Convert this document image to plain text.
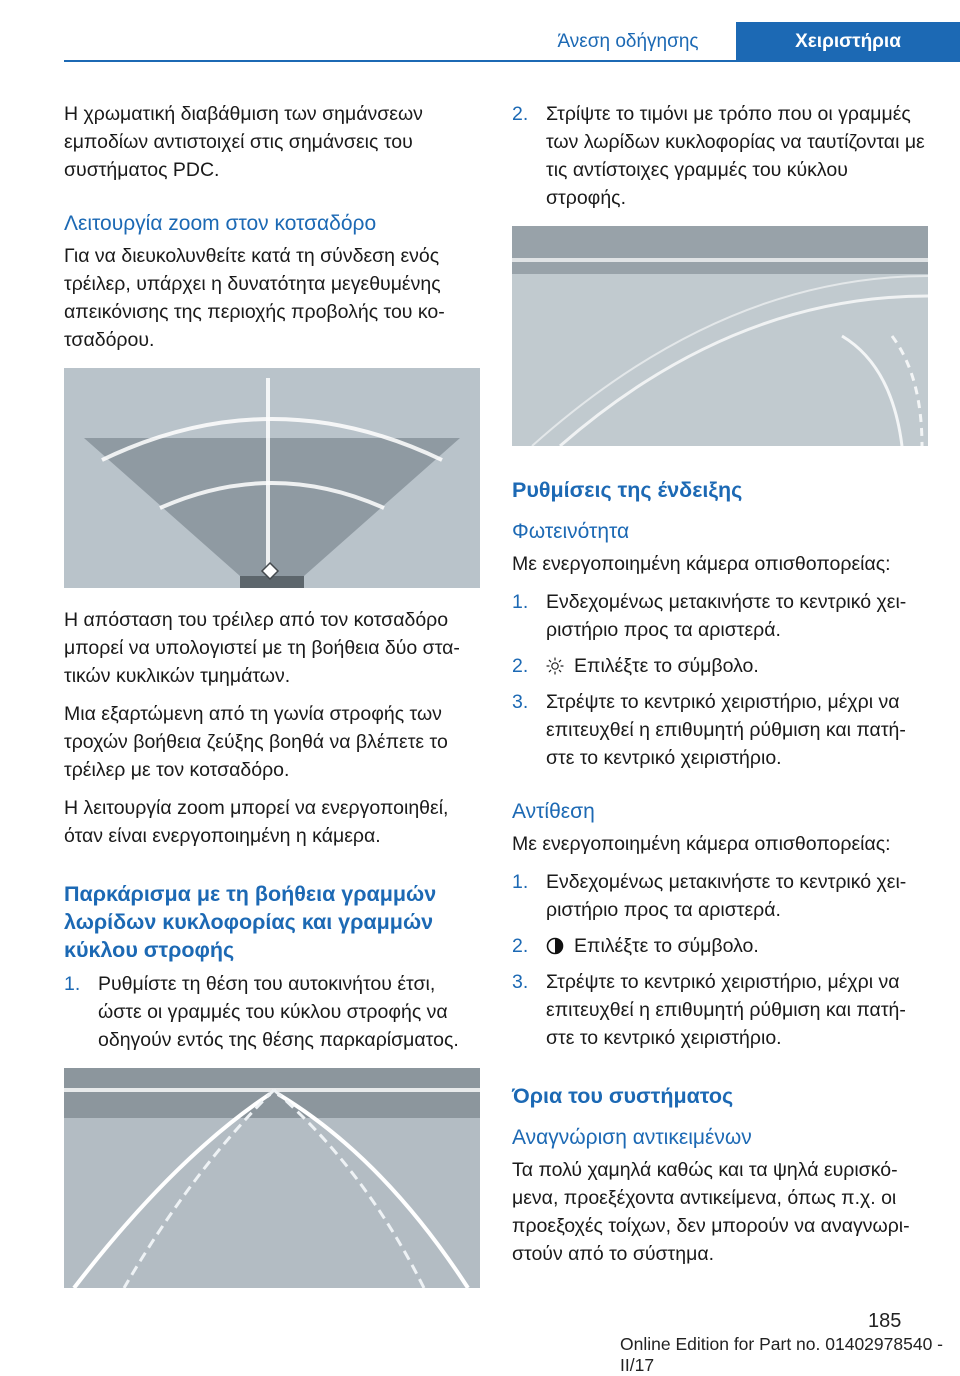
Άνεση οδήγησης	Χειριστήρια

Η χρωματική διαβάθμιση των σημάνσεων εμποδίων αντιστοιχεί στις σημάνσεις του συστήματος PDC.

Λειτουργία zoom στον κοτσαδόρο

Για να διευκολυνθείτε κατά τη σύνδεση ενός τρέιλερ, υπάρχει η δυνατότητα μεγεθυμένης απεικόνισης της περιοχής προβολής του κο‐τσαδόρου.

Η απόσταση του τρέιλερ από τον κοτσαδόρο μπορεί να υπολογιστεί με τη βοήθεια δύο στα‐τικών κυκλικών τμημάτων.

Μια εξαρτώμενη από τη γωνία στροφής των τροχών βοήθεια ζεύξης βοηθά να βλέπετε το τρέιλερ με τον κοτσαδόρο.

Η λειτουργία zoom μπορεί να ενεργοποιηθεί, όταν είναι ενεργοποιημένη η κάμερα.

Παρκάρισμα με τη βοήθεια γραμμών λωρίδων κυκλοφορίας και γραμμών κύκλου στροφής
1. Ρυθμίστε τη θέση του αυτοκινήτου έτσι, ώστε οι γραμμές του κύκλου στροφής να οδηγούν εντός της θέσης παρκαρίσματος.
2. Στρίψτε το τιμόνι με τρόπο που οι γραμμές των λωρίδων κυκλοφορίας να ταυτίζονται με τις αντίστοιχες γραμμές του κύκλου στροφής.
Ρυθμίσεις της ένδειξης
Φωτεινότητα

Με ενεργοποιημένη κάμερα οπισθοπορείας:

1. Ενδεχομένως μετακινήστε το κεντρικό χει‐ριστήριο προς τα αριστερά.
2. Επιλέξτε το σύμβολο.
3. Στρέψτε το κεντρικό χειριστήριο, μέχρι να επιτευχθεί η επιθυμητή ρύθμιση και πατή‐στε το κεντρικό χειριστήριο.
Αντίθεση

Με ενεργοποιημένη κάμερα οπισθοπορείας:

1. Ενδεχομένως μετακινήστε το κεντρικό χει‐ριστήριο προς τα αριστερά.
2. Επιλέξτε το σύμβολο.
3. Στρέψτε το κεντρικό χειριστήριο, μέχρι να επιτευχθεί η επιθυμητή ρύθμιση και πατή‐στε το κεντρικό χειριστήριο.
Όρια του συστήματος
Αναγνώριση αντικειμένων

Τα πολύ χαμηλά καθώς και τα ψηλά ευρισκό‐μενα, προεξέχοντα αντικείμενα, όπως π.χ. οι προεξοχές τοίχων, δεν μπορούν να αναγνωρι‐στούν από το σύστημα.

185
Online Edition for Part no. 01402978540 - II/17
